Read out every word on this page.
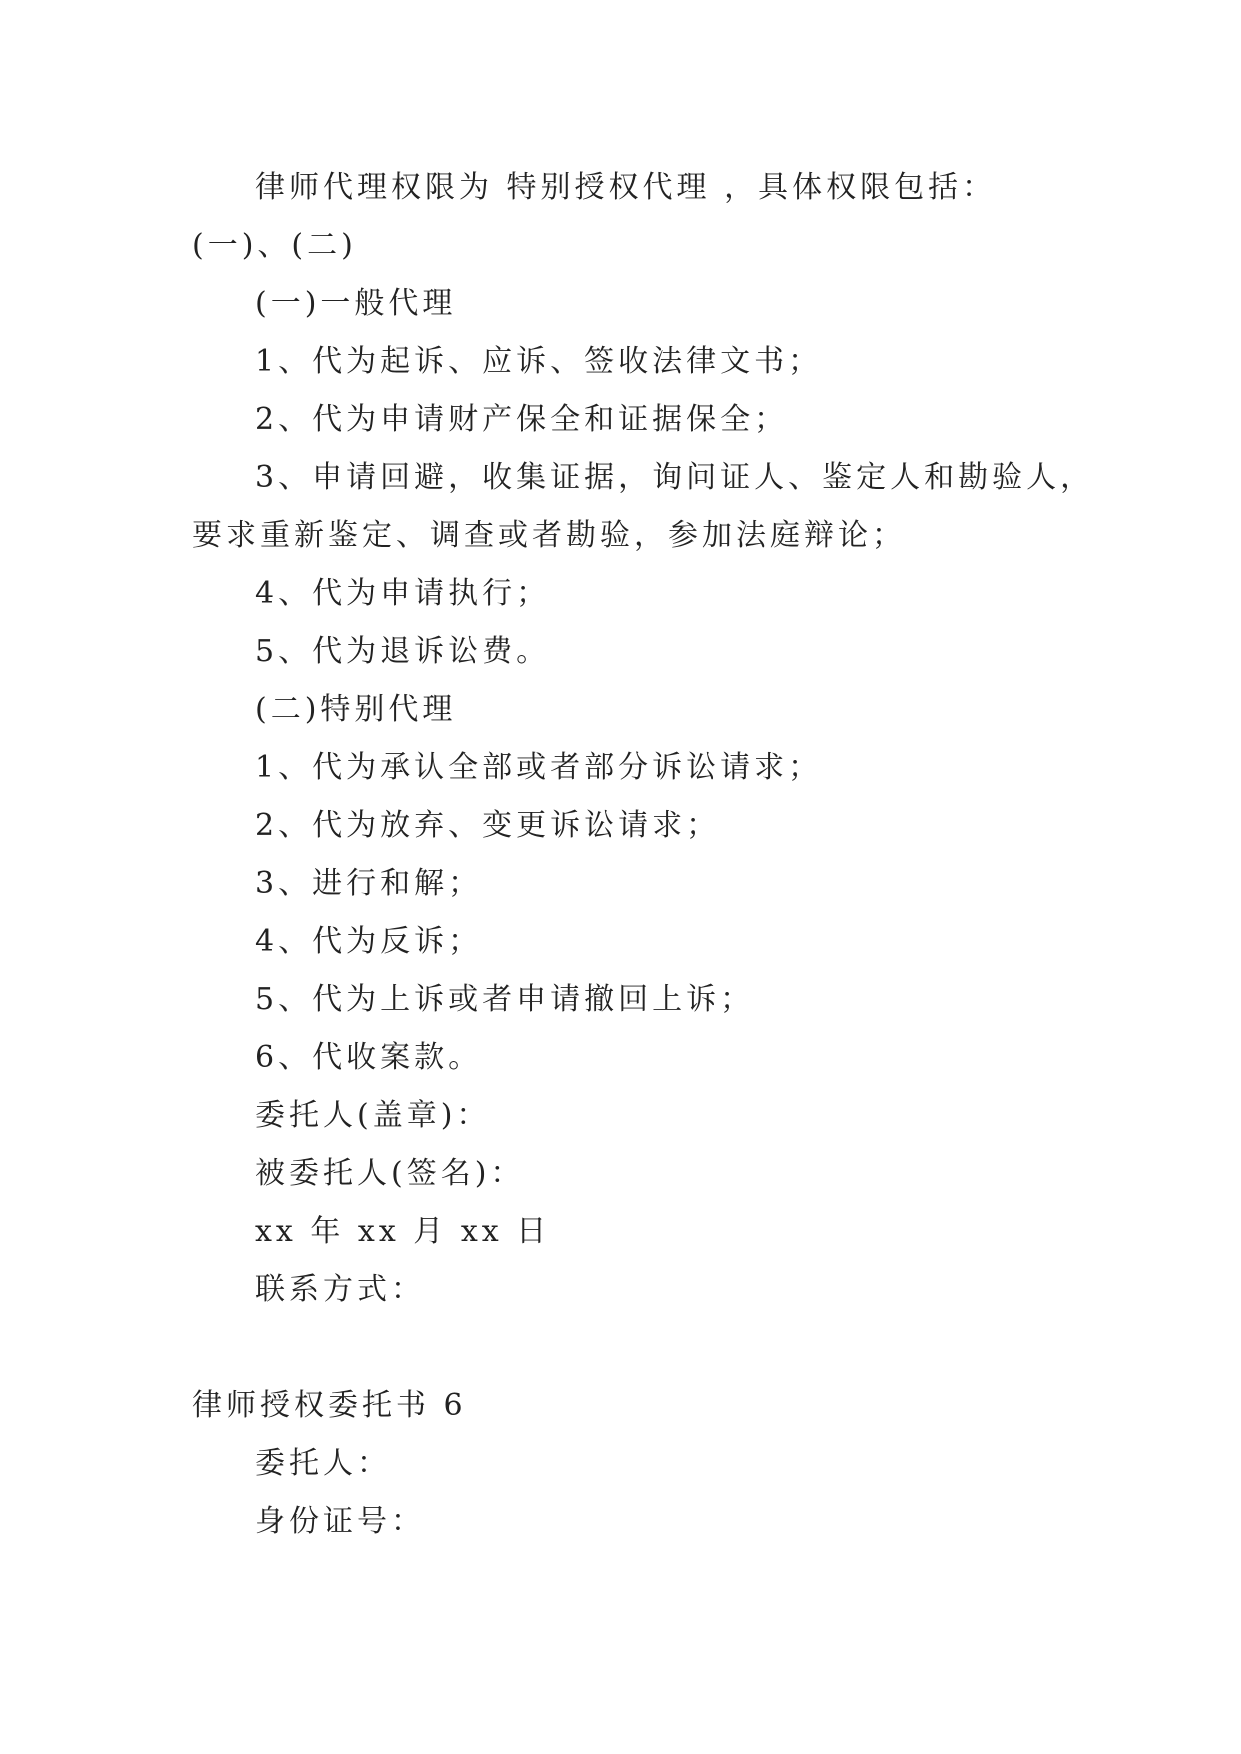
律师代理权限为 特别授权代理 ，具体权限包括：
(一)、(二)
(一)一般代理
1、代为起诉、应诉、签收法律文书；
2、代为申请财产保全和证据保全；
3、申请回避，收集证据，询问证人、鉴定人和勘验人，
要求重新鉴定、调查或者勘验，参加法庭辩论；
4、代为申请执行；
5、代为退诉讼费。
(二)特别代理
1、代为承认全部或者部分诉讼请求；
2、代为放弃、变更诉讼请求；
3、进行和解；
4、代为反诉；
5、代为上诉或者申请撤回上诉；
6、代收案款。
委托人(盖章)：
被委托人(签名)：
xx 年 xx 月 xx 日
联系方式：
律师授权委托书 6
委托人：
身份证号：
